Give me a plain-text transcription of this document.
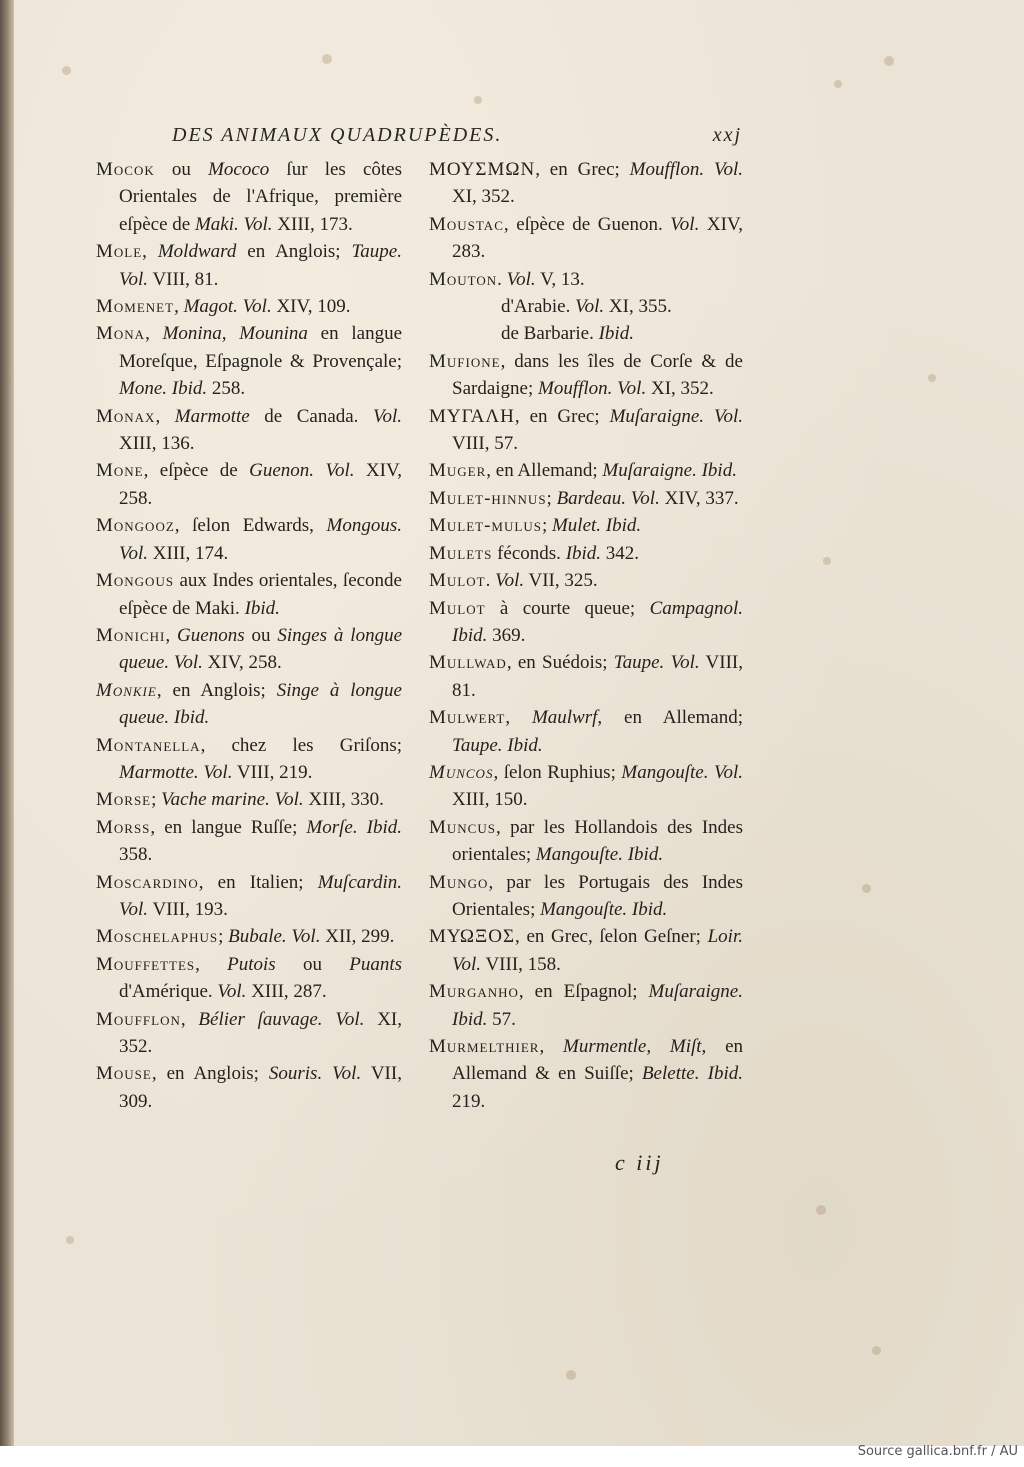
DES ANIMAUX QUADRUPÈDES.	xxj

Mocok ou Mococo ſur les côtes Orientales de l'Afrique, première eſpèce de Maki. Vol. XIII, 173.

Mole, Moldward en Anglois; Taupe. Vol. VIII, 81.

Momenet, Magot. Vol. XIV, 109.

Mona, Monina, Mounina en langue Moreſque, Eſpagnole & Provençale; Mone. Ibid. 258.

Monax, Marmotte de Canada. Vol. XIII, 136.

Mone, eſpèce de Guenon. Vol. XIV, 258.

Mongooz, ſelon Edwards, Mongous. Vol. XIII, 174.

Mongous aux Indes orientales, ſeconde eſpèce de Maki. Ibid.

Monichi, Guenons ou Singes à longue queue. Vol. XIV, 258.

Monkie, en Anglois; Singe à longue queue. Ibid.

Montanella, chez les Griſons; Marmotte. Vol. VIII, 219.

Morse; Vache marine. Vol. XIII, 330.

Morss, en langue Ruſſe; Morſe. Ibid. 358.

Moscardino, en Italien; Muſcardin. Vol. VIII, 193.

Moschelaphus; Bubale. Vol. XII, 299.

Mouffettes, Putois ou Puants d'Amérique. Vol. XIII, 287.

Moufflon, Bélier ſauvage. Vol. XI, 352.

Mouse, en Anglois; Souris. Vol. VII, 309.

ΜΟΥΣΜΩΝ, en Grec; Moufflon. Vol. XI, 352.

Moustac, eſpèce de Guenon. Vol. XIV, 283.

Mouton. Vol. V, 13.

d'Arabie. Vol. XI, 355.

de Barbarie. Ibid.

Mufione, dans les îles de Corſe & de Sardaigne; Moufflon. Vol. XI, 352.

ΜΥΓΑΛΗ, en Grec; Muſaraigne. Vol. VIII, 57.

Muger, en Allemand; Muſaraigne. Ibid.

Mulet-hinnus; Bardeau. Vol. XIV, 337.

Mulet-mulus; Mulet. Ibid.

Mulets féconds. Ibid. 342.

Mulot. Vol. VII, 325.

Mulot à courte queue; Campagnol. Ibid. 369.

Mullwad, en Suédois; Taupe. Vol. VIII, 81.

Mulwert, Maulwrf, en Allemand; Taupe. Ibid.

Muncos, ſelon Ruphius; Mangouſte. Vol. XIII, 150.

Muncus, par les Hollandois des Indes orientales; Mangouſte. Ibid.

Mungo, par les Portugais des Indes Orientales; Mangouſte. Ibid.

ΜΥΩΞΟΣ, en Grec, ſelon Geſner; Loir. Vol. VIII, 158.

Murganho, en Eſpagnol; Muſaraigne. Ibid. 57.

Murmelthier, Murmentle, Miſt, en Allemand & en Suiſſe; Belette. Ibid. 219.

c iij
Source gallica.bnf.fr / AU
